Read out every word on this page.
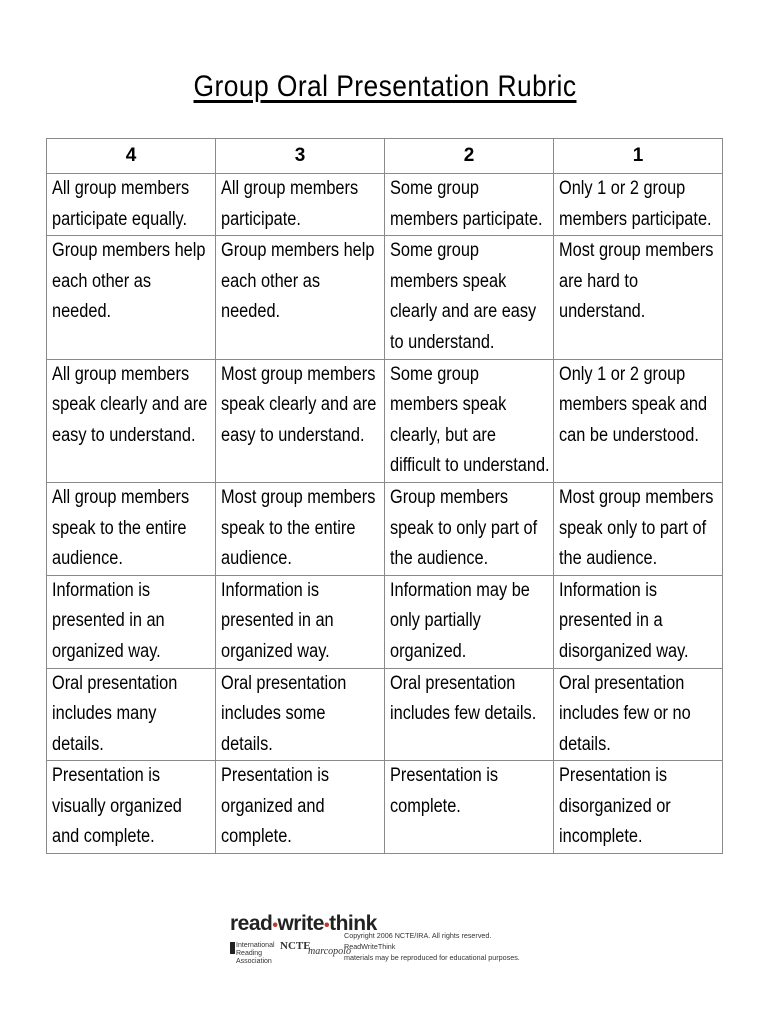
Group Oral Presentation Rubric
4	3	2	1

All group members participate equally.	All group members participate.	Some group members participate.	Only 1 or 2 group members participate.

Group members help each other as needed.	Group members help each other as needed.	Some group members speak clearly and are easy to understand.	Most group members are hard to understand.

All group members speak clearly and are easy to understand.	Most group members speak clearly and are easy to understand.	Some group members speak clearly, but are difficult to understand.	Only 1 or 2 group members speak and can be understood.

All group members speak to the entire audience.	Most group members speak to the entire audience.	Group members speak to only part of the audience.	Most group members speak only to part of the audience.

Information is presented in an organized way.	Information is presented in an organized way.	Information may be only partially organized.	Information is presented in a disorganized way.

Oral presentation includes many details.	Oral presentation includes some details.	Oral presentation includes few details.	Oral presentation includes few or no details.

Presentation is visually organized and complete.	Presentation is organized and complete.	Presentation is complete.	Presentation is disorganized or incomplete.
read•write•think
International Reading Association
NCTE
marcopolo
Copyright 2006 NCTE/IRA. All rights reserved. ReadWriteThink
materials may be reproduced for educational purposes.
